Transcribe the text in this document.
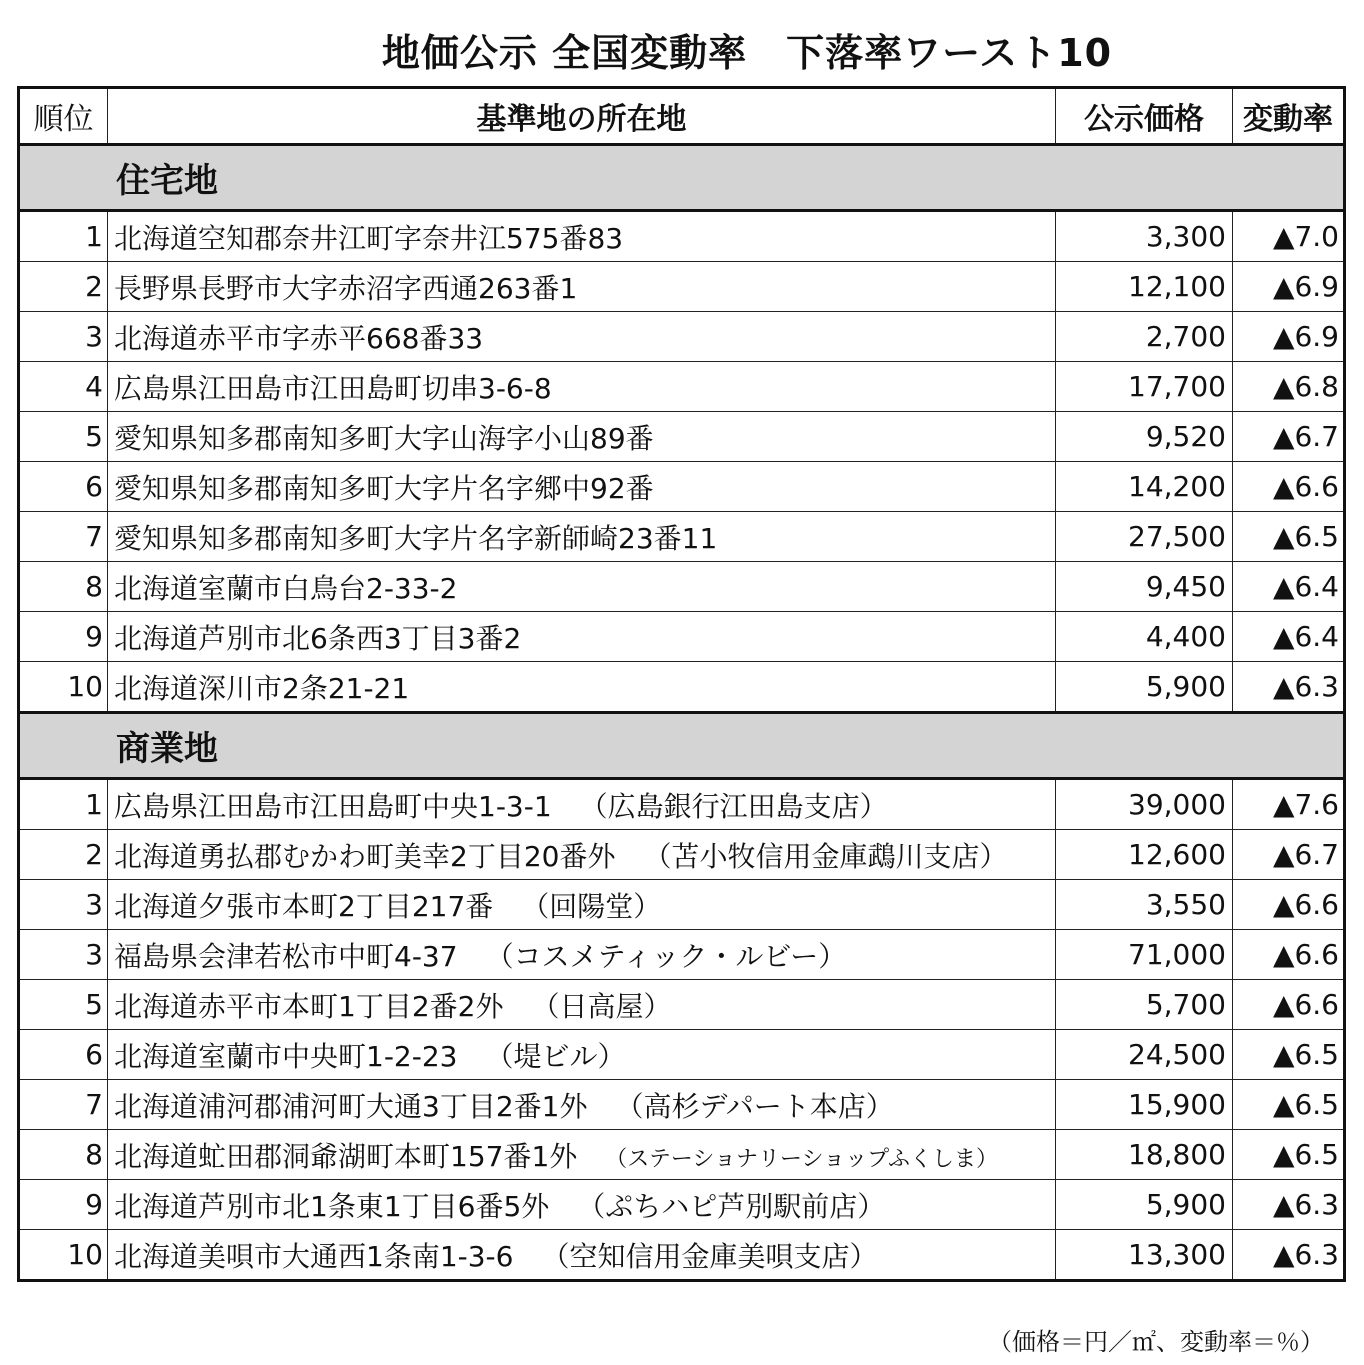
地価公示 全国変動率　下落率ワースト10
順位	基準地の所在地	公示価格	変動率
住宅地			
1	北海道空知郡奈井江町字奈井江575番83	3,300	▲7.0
2	長野県長野市大字赤沼字西通263番1	12,100	▲6.9
3	北海道赤平市字赤平668番33	2,700	▲6.9
4	広島県江田島市江田島町切串3-6-8	17,700	▲6.8
5	愛知県知多郡南知多町大字山海字小山89番	9,520	▲6.7
6	愛知県知多郡南知多町大字片名字郷中92番	14,200	▲6.6
7	愛知県知多郡南知多町大字片名字新師崎23番11	27,500	▲6.5
8	北海道室蘭市白鳥台2-33-2	9,450	▲6.4
9	北海道芦別市北6条西3丁目3番2	4,400	▲6.4
10	北海道深川市2条21-21	5,900	▲6.3
商業地			
1	広島県江田島市江田島町中央1-3-1 （広島銀行江田島支店）	39,000	▲7.6
2	北海道勇払郡むかわ町美幸2丁目20番外 （苫小牧信用金庫鵡川支店）	12,600	▲6.7
3	北海道夕張市本町2丁目217番 （回陽堂）	3,550	▲6.6
3	福島県会津若松市中町4-37 （コスメティック・ルビー）	71,000	▲6.6
5	北海道赤平市本町1丁目2番2外 （日高屋）	5,700	▲6.6
6	北海道室蘭市中央町1-2-23 （堤ビル）	24,500	▲6.5
7	北海道浦河郡浦河町大通3丁目2番1外 （高杉デパート本店）	15,900	▲6.5
8	北海道虻田郡洞爺湖町本町157番1外 （ステーショナリーショップふくしま）	18,800	▲6.5
9	北海道芦別市北1条東1丁目6番5外 （ぷちハピ芦別駅前店）	5,900	▲6.3
10	北海道美唄市大通西1条南1-3-6 （空知信用金庫美唄支店）	13,300	▲6.3
（価格＝円／㎡、変動率＝％）
